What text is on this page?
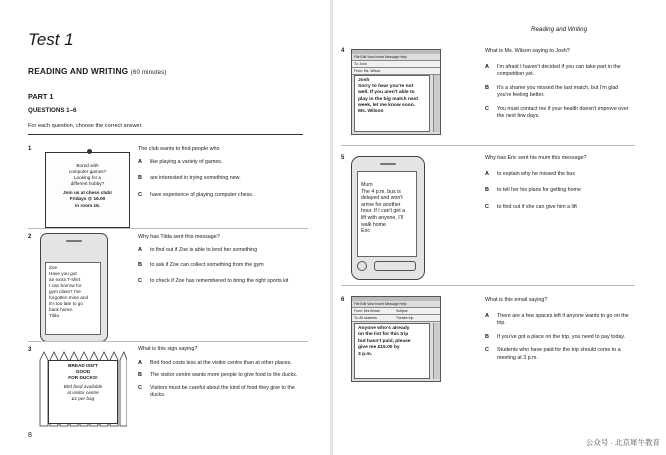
Test 1
READING AND WRITING (60 minutes)
PART 1
QUESTIONS 1–6
For each question, choose the correct answer.
1
Bored with
computer games?
Looking for a
different hobby?
Join us at chess club!
Fridays @ 16.00
in room 16.
The club wants to find people who
A	like playing a variety of games.
B	are interested in trying something new.
C	have experience of playing computer chess.
2
Zoe
Have you got
an extra T-shirt
I can borrow for
gym class? I've
forgotten mine and
it's too late to go
back home.
Tilda
Why has Tilda sent this message?
A	to find out if Zoe is able to lend her something
B	to ask if Zoe can collect something from the gym
C	to check if Zoe has remembered to bring the right sports kit
3
BREAD ISN'T
GOOD
FOR DUCKS!
Bird food available
at visitor centre
£1 per bag
What is this sign saying?
A	Bird food costs less at the visitor centre than at other places.
B	The visitor centre wants more people to give food to the ducks.
C	Visitors must be careful about the kind of food they give to the ducks.
8
Reading and Writing
4
File Edit View Insert Message Help
To: Josh
From: Ms. Wilson
Josh
Sorry to hear you're not
well. If you aren't able to
play in the big match next
week, let me know soon.
Ms. Wilson
What is Ms. Wilson saying to Josh?
A	I'm afraid I haven't decided if you can take part in the competition yet.
B	It's a shame you missed the last match, but I'm glad you're feeling better.
C	You must contact me if your health doesn't improve over the next few days.
5
Mum
The 4 p.m. bus is
delayed and won't
arrive for another
hour. If I can't get a
lift with anyone, I'll
walk home.
Eric
Why has Eric sent his mum this message?
A	to explain why he missed the bus
B	to tell her his plans for getting home
C	to find out if she can give him a lift
6
File Edit View Insert Message Help
From: Mrs Brown	Subject:
To: All students	Theatre trip
Anyone who's already
on the list for this trip
but hasn't paid, please
give me £15.00 by
3 p.m.
What is this email saying?
A	There are a few spaces left if anyone wants to go on the trip.
B	If you've got a place on the trip, you need to pay today.
C	Students who have paid for the trip should come to a meeting at 3 p.m.
公众号 · 北京犀牛教育
